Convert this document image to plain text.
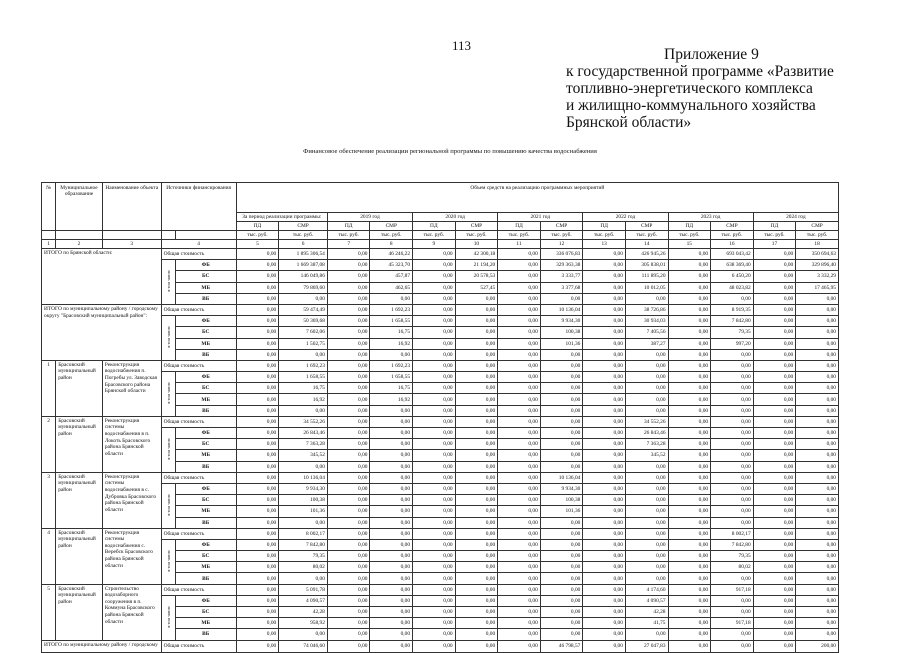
113
Приложение 9
к государственной программе «Развитие
топливно-энергетического комплекса
и жилищно-коммунального хозяйства
Брянской области»
Финансовое обеспечение реализации региональной программы по повышению качества водоснабжения
№	Муниципальное образование	Наименование объекта	Источники финансирования		Объем средств на реализацию программных мероприятий													
					За период реализации программы:		2019 год		2020 год		2021 год		2022 год		2023 год		2024 год	
					ПД	СМР	ПД	СМР	ПД	СМР	ПД	СМР	ПД	СМР	ПД	СМР	ПД	СМР
					тыс. руб.	тыс. руб.	тыс. руб.	тыс. руб.	тыс. руб.	тыс. руб.	тыс. руб.	тыс. руб.	тыс. руб.	тыс. руб.	тыс. руб.	тыс. руб.	тыс. руб.	тыс. руб.
1	2	3	4		5	6	7	8	9	10	11	12	13	14	15	16	17	18
ИТОГО по Брянской области:			Общая стоимость		0,00	1 895 306,54	0,00	46 246,22	0,00	42 300,18	0,00	336 076,83	0,00	426 945,26	0,00	693 043,42	0,00	350 694,63
			в том числе	ФБ	0,00	1 669 387,08	0,00	45 323,70	0,00	21 194,20	0,00	329 363,38	0,00	305 838,01	0,00	638 369,40	0,00	329 896,40
				БС	0,00	146 049,86	0,00	457,87	0,00	20 578,53	0,00	3 333,77	0,00	111 895,20	0,00	6 450,20	0,00	3 332,29
				МБ	0,00	79 869,60	0,00	462,65	0,00	527,45	0,00	3 377,68	0,00	10 012,05	0,00	48 023,82	0,00	17 465,95
				ВБ	0,00	0,00	0,00	0,00	0,00	0,00	0,00	0,00	0,00	0,00	0,00	0,00	0,00	0,00
ИТОГО по муниципальному району / городскому округу "Брасовский муниципальный район":			Общая стоимость		0,00	59 474,49	0,00	1 692,23	0,00	0,00	0,00	10 136,04	0,00	38 726,86	0,00	8 919,35	0,00	0,00
			в том числе	ФБ	0,00	50 369,68	0,00	1 658,55	0,00	0,00	0,00	9 934,30	0,00	30 934,03	0,00	7 842,80	0,00	0,00
				БС	0,00	7 602,06	0,00	16,75	0,00	0,00	0,00	100,38	0,00	7 405,56	0,00	79,35	0,00	0,00
				МБ	0,00	1 502,75	0,00	16,92	0,00	0,00	0,00	101,36	0,00	387,27	0,00	997,20	0,00	0,00
				ВБ	0,00	0,00	0,00	0,00	0,00	0,00	0,00	0,00	0,00	0,00	0,00	0,00	0,00	0,00
1	Брасовский муниципальный район	Реконструкция водоснабжения п. Погребы ул. Заводская Брасовского района Брянской области	Общая стоимость		0,00	1 692,23	0,00	1 692,23	0,00	0,00	0,00	0,00	0,00	0,00	0,00	0,00	0,00	0,00
			в том числе	ФБ	0,00	1 658,55	0,00	1 658,55	0,00	0,00	0,00	0,00	0,00	0,00	0,00	0,00	0,00	0,00
				БС	0,00	16,75	0,00	16,75	0,00	0,00	0,00	0,00	0,00	0,00	0,00	0,00	0,00	0,00
				МБ	0,00	16,92	0,00	16,92	0,00	0,00	0,00	0,00	0,00	0,00	0,00	0,00	0,00	0,00
				ВБ	0,00	0,00	0,00	0,00	0,00	0,00	0,00	0,00	0,00	0,00	0,00	0,00	0,00	0,00
2	Брасовский муниципальный район	Реконструкция системы водоснабжения в п. Локоть Брасовского района Брянской области	Общая стоимость		0,00	34 552,26	0,00	0,00	0,00	0,00	0,00	0,00	0,00	34 552,26	0,00	0,00	0,00	0,00
			в том числе	ФБ	0,00	26 843,46	0,00	0,00	0,00	0,00	0,00	0,00	0,00	26 843,46	0,00	0,00	0,00	0,00
				БС	0,00	7 363,28	0,00	0,00	0,00	0,00	0,00	0,00	0,00	7 363,28	0,00	0,00	0,00	0,00
				МБ	0,00	345,52	0,00	0,00	0,00	0,00	0,00	0,00	0,00	345,52	0,00	0,00	0,00	0,00
				ВБ	0,00	0,00	0,00	0,00	0,00	0,00	0,00	0,00	0,00	0,00	0,00	0,00	0,00	0,00
3	Брасовский муниципальный район	Реконструкция системы водоснабжения в с. Дубровка Брасовского района Брянской области	Общая стоимость		0,00	10 136,04	0,00	0,00	0,00	0,00	0,00	10 136,04	0,00	0,00	0,00	0,00	0,00	0,00
			в том числе	ФБ	0,00	9 934,30	0,00	0,00	0,00	0,00	0,00	9 934,30	0,00	0,00	0,00	0,00	0,00	0,00
				БС	0,00	100,38	0,00	0,00	0,00	0,00	0,00	100,38	0,00	0,00	0,00	0,00	0,00	0,00
				МБ	0,00	101,36	0,00	0,00	0,00	0,00	0,00	101,36	0,00	0,00	0,00	0,00	0,00	0,00
				ВБ	0,00	0,00	0,00	0,00	0,00	0,00	0,00	0,00	0,00	0,00	0,00	0,00	0,00	0,00
4	Брасовский муниципальный район	Реконструкция системы водоснабжения с. Веребск Брасовского района Брянской области	Общая стоимость		0,00	8 002,17	0,00	0,00	0,00	0,00	0,00	0,00	0,00	0,00	0,00	8 002,17	0,00	0,00
			в том числе	ФБ	0,00	7 842,80	0,00	0,00	0,00	0,00	0,00	0,00	0,00	0,00	0,00	7 842,80	0,00	0,00
				БС	0,00	79,35	0,00	0,00	0,00	0,00	0,00	0,00	0,00	0,00	0,00	79,35	0,00	0,00
				МБ	0,00	80,02	0,00	0,00	0,00	0,00	0,00	0,00	0,00	0,00	0,00	80,02	0,00	0,00
				ВБ	0,00	0,00	0,00	0,00	0,00	0,00	0,00	0,00	0,00	0,00	0,00	0,00	0,00	0,00
5	Брасовский муниципальный район	Строительство водозаборного сооружения в п. Коммуна Брасовского района Брянской области	Общая стоимость		0,00	5 091,78	0,00	0,00	0,00	0,00	0,00	0,00	0,00	4 174,60	0,00	917,18	0,00	0,00
			в том числе	ФБ	0,00	4 090,57	0,00	0,00	0,00	0,00	0,00	0,00	0,00	4 090,57	0,00	0,00	0,00	0,00
				БС	0,00	42,28	0,00	0,00	0,00	0,00	0,00	0,00	0,00	42,28	0,00	0,00	0,00	0,00
				МБ	0,00	958,92	0,00	0,00	0,00	0,00	0,00	0,00	0,00	41,75	0,00	917,18	0,00	0,00
				ВБ	0,00	0,00	0,00	0,00	0,00	0,00	0,00	0,00	0,00	0,00	0,00	0,00	0,00	0,00
ИТОГО по муниципальному району / городскому			Общая стоимость		0,00	74 046,60	0,00	0,00	0,00	0,00	0,00	46 798,57	0,00	27 047,83	0,00	0,00	0,00	200,00
